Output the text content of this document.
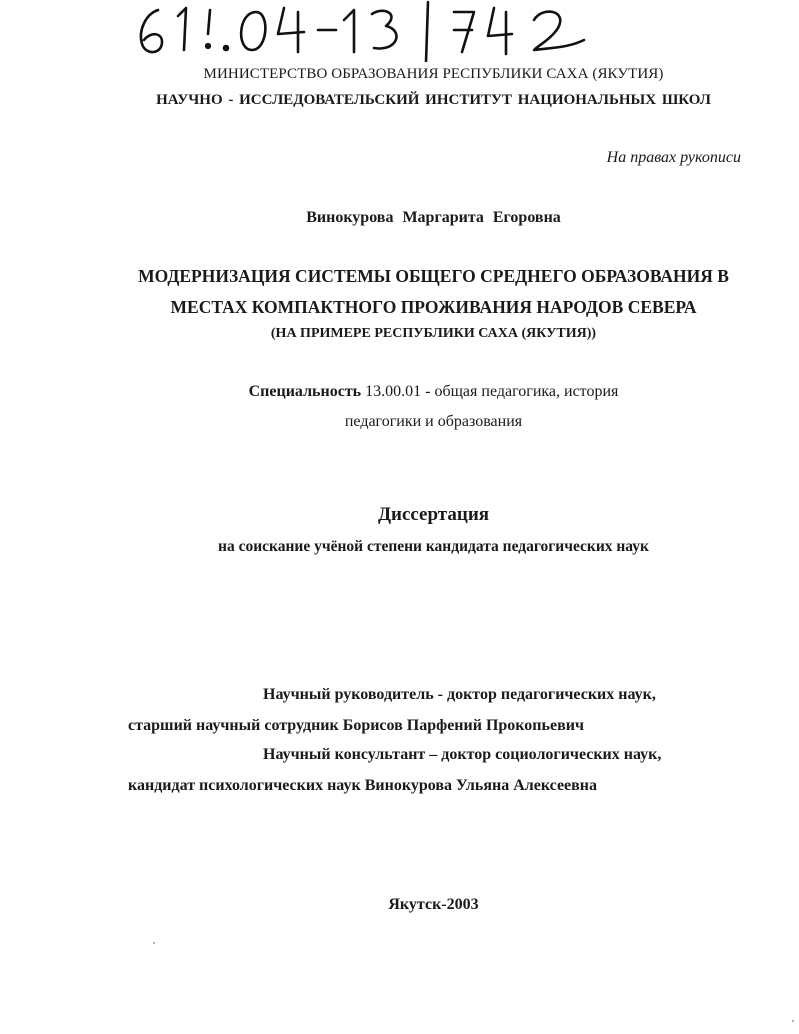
МИНИСТЕРСТВО ОБРАЗОВАНИЯ РЕСПУБЛИКИ САХА (ЯКУТИЯ)
НАУЧНО - ИССЛЕДОВАТЕЛЬСКИЙ ИНСТИТУТ НАЦИОНАЛЬНЫХ ШКОЛ
На правах рукописи
Винокурова Маргарита Егоровна
МОДЕРНИЗАЦИЯ СИСТЕМЫ ОБЩЕГО СРЕДНЕГО ОБРАЗОВАНИЯ В
МЕСТАХ КОМПАКТНОГО ПРОЖИВАНИЯ НАРОДОВ СЕВЕРА
(НА ПРИМЕРЕ РЕСПУБЛИКИ САХА (ЯКУТИЯ))
Специальность 13.00.01 - общая педагогика, история
педагогики и образования
Диссертация
на соискание учёной степени кандидата педагогических наук
Научный руководитель - доктор педагогических наук,
старший научный сотрудник Борисов Парфений Прокопьевич
Научный консультант – доктор социологических наук,
кандидат психологических наук Винокурова Ульяна Алексеевна
Якутск-2003
